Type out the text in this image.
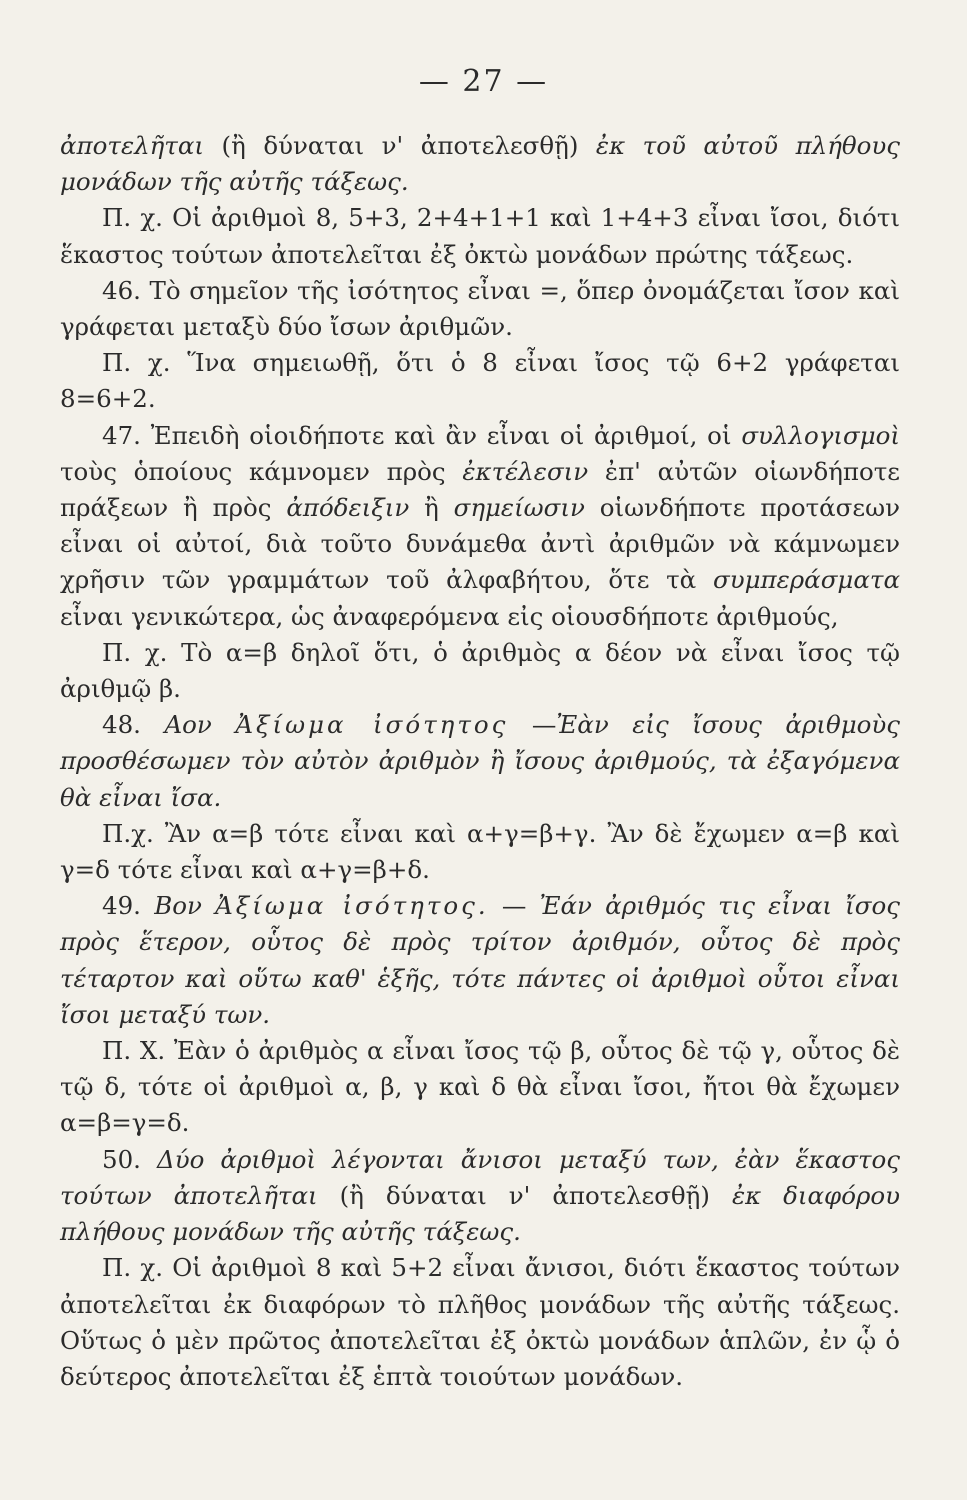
— 27 —

ἀποτελῆται (ἢ δύναται ν' ἀποτελεσθῇ) ἐκ τοῦ αὐτοῦ πλήθους μονάδων τῆς αὐτῆς τάξεως.

Π. χ. Οἱ ἀριθμοὶ 8, 5+3, 2+4+1+1 καὶ 1+4+3 εἶναι ἴσοι, διότι ἕκαστος τούτων ἀποτελεῖται ἐξ ὀκτὼ μονάδων πρώτης τάξεως.

46. Τὸ σημεῖον τῆς ἰσότητος εἶναι =, ὅπερ ὀνομάζεται ἴσον καὶ γράφεται μεταξὺ δύο ἴσων ἀριθμῶν.

Π. χ. Ἵνα σημειωθῇ, ὅτι ὁ 8 εἶναι ἴσος τῷ 6+2 γράφεται 8=6+2.

47. Ἐπειδὴ οἱοιδήποτε καὶ ἂν εἶναι οἱ ἀριθμοί, οἱ συλλογισμοὶ τοὺς ὁποίους κάμνομεν πρὸς ἐκτέλεσιν ἐπ' αὐτῶν οἱωνδήποτε πράξεων ἢ πρὸς ἀπόδειξιν ἢ σημείωσιν οἱωνδήποτε προτάσεων εἶναι οἱ αὐτοί, διὰ τοῦτο δυνάμεθα ἀντὶ ἀριθμῶν νὰ κάμνωμεν χρῆσιν τῶν γραμμάτων τοῦ ἀλφαβήτου, ὅτε τὰ συμπεράσματα εἶναι γενικώτερα, ὡς ἀναφερόμενα εἰς οἱουσδήποτε ἀριθμούς,

Π. χ. Τὸ α=β δηλοῖ ὅτι, ὁ ἀριθμὸς α δέον νὰ εἶναι ἴσος τῷ ἀριθμῷ β.

48. Αον Ἀξίωμα ἰσότητος —Ἐὰν εἰς ἴσους ἀριθμοὺς προσθέσωμεν τὸν αὐτὸν ἀριθμὸν ἢ ἴσους ἀριθμούς, τὰ ἐξαγόμενα θὰ εἶναι ἴσα.

Π.χ. Ἂν α=β τότε εἶναι καὶ α+γ=β+γ. Ἂν δὲ ἔχωμεν α=β καὶ γ=δ τότε εἶναι καὶ α+γ=β+δ.

49. Βον Ἀξίωμα ἰσότητος. — Ἐάν ἀριθμός τις εἶναι ἴσος πρὸς ἕτερον, οὗτος δὲ πρὸς τρίτον ἀριθμόν, οὗτος δὲ πρὸς τέταρτον καὶ οὕτω καθ' ἑξῆς, τότε πάντες οἱ ἀριθμοὶ οὗτοι εἶναι ἴσοι μεταξύ των.

Π. Χ. Ἐὰν ὁ ἀριθμὸς α εἶναι ἴσος τῷ β, οὗτος δὲ τῷ γ, οὗτος δὲ τῷ δ, τότε οἱ ἀριθμοὶ α, β, γ καὶ δ θὰ εἶναι ἴσοι, ἤτοι θὰ ἔχωμεν α=β=γ=δ.

50. Δύο ἀριθμοὶ λέγονται ἄνισοι μεταξύ των, ἐὰν ἕκαστος τούτων ἀποτελῆται (ἢ δύναται ν' ἀποτελεσθῇ) ἐκ διαφόρου πλήθους μονάδων τῆς αὐτῆς τάξεως.

Π. χ. Οἱ ἀριθμοὶ 8 καὶ 5+2 εἶναι ἄνισοι, διότι ἕκαστος τούτων ἀποτελεῖται ἐκ διαφόρων τὸ πλῆθος μονάδων τῆς αὐτῆς τάξεως. Οὕτως ὁ μὲν πρῶτος ἀποτελεῖται ἐξ ὀκτὼ μονάδων ἁπλῶν, ἐν ᾧ ὁ δεύτερος ἀποτελεῖται ἐξ ἑπτὰ τοιούτων μονάδων.
